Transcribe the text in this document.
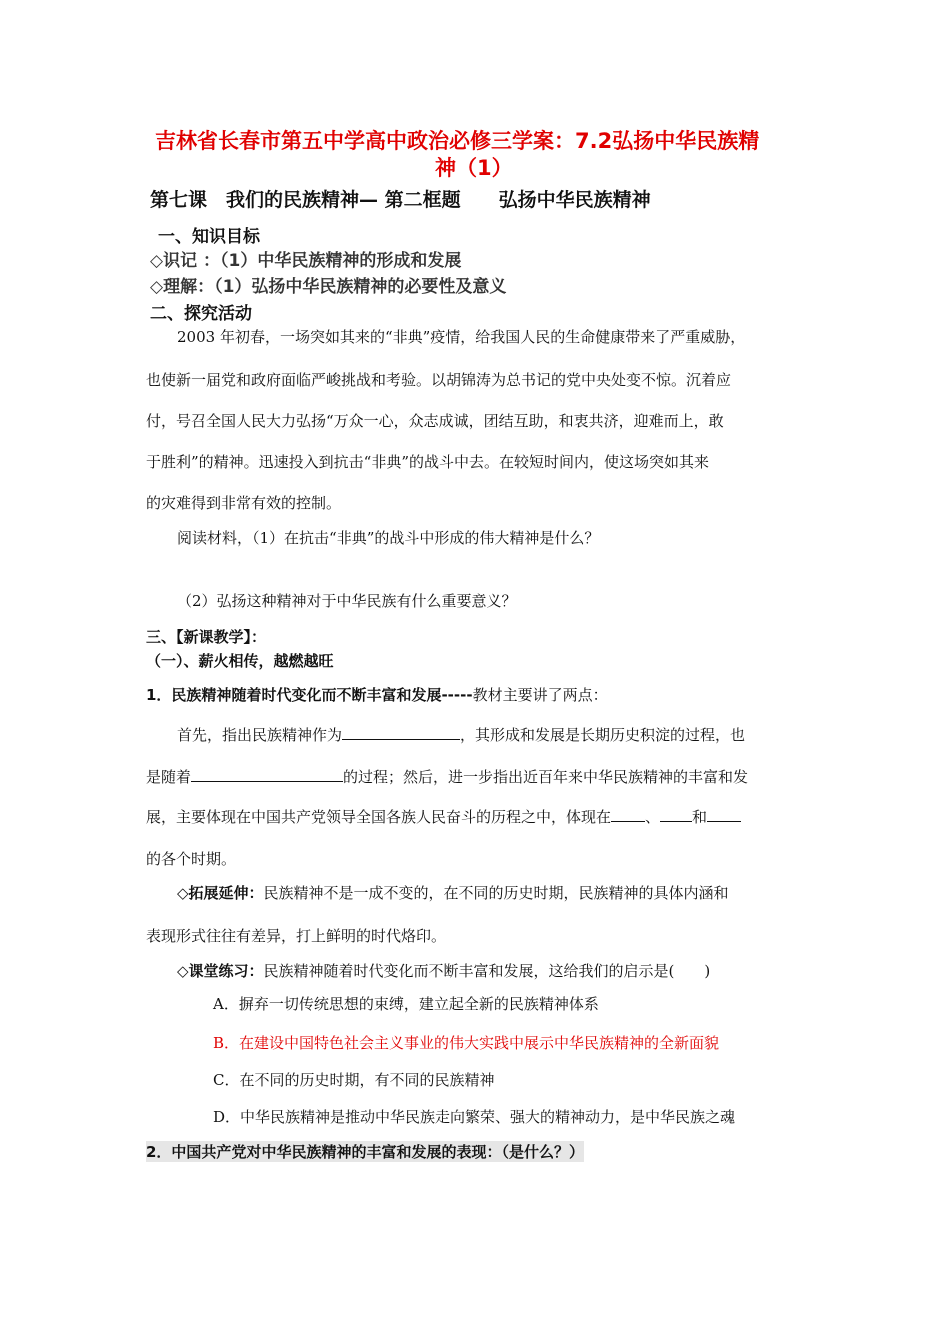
吉林省长春市第五中学高中政治必修三学案：7.2弘扬中华民族精
神（1）
第七课　我们的民族精神— 第二框题　　弘扬中华民族精神
一、知识目标
◇识记 ：（1）中华民族精神的形成和发展
◇理解：（1）弘扬中华民族精神的必要性及意义
二、探究活动
2003 年初春，一场突如其来的“非典”疫情，给我国人民的生命健康带来了严重威胁，
也使新一届党和政府面临严峻挑战和考验。以胡锦涛为总书记的党中央处变不惊。沉着应
付，号召全国人民大力弘扬“万众一心，众志成诚，团结互助，和衷共济，迎难而上，敢
于胜利”的精神。迅速投入到抗击“非典”的战斗中去。在较短时间内，使这场突如其来
的灾难得到非常有效的控制。
阅读材料，（1）在抗击“非典”的战斗中形成的伟大精神是什么？
（2）弘扬这种精神对于中华民族有什么重要意义？
三、【新课教学】：
（一）、薪火相传，越燃越旺
1．民族精神随着时代变化而不断丰富和发展-----教材主要讲了两点：
首先，指出民族精神作为	，其形成和发展是长期历史积淀的过程，也
是随着	的过程；然后，进一步指出近百年来中华民族精神的丰富和发
展，主要体现在中国共产党领导全国各族人民奋斗的历程之中，体现在 、 和
的各个时期。
◇拓展延伸：民族精神不是一成不变的，在不同的历史时期，民族精神的具体内涵和
表现形式往往有差异，打上鲜明的时代烙印。
◇课堂练习：民族精神随着时代变化而不断丰富和发展，这给我们的启示是(　　)
A．摒弃一切传统思想的束缚，建立起全新的民族精神体系
B．在建设中国特色社会主义事业的伟大实践中展示中华民族精神的全新面貌
C．在不同的历史时期，有不同的民族精神
D．中华民族精神是推动中华民族走向繁荣、强大的精神动力，是中华民族之魂
2．中国共产党对中华民族精神的丰富和发展的表现：（是什么？）
